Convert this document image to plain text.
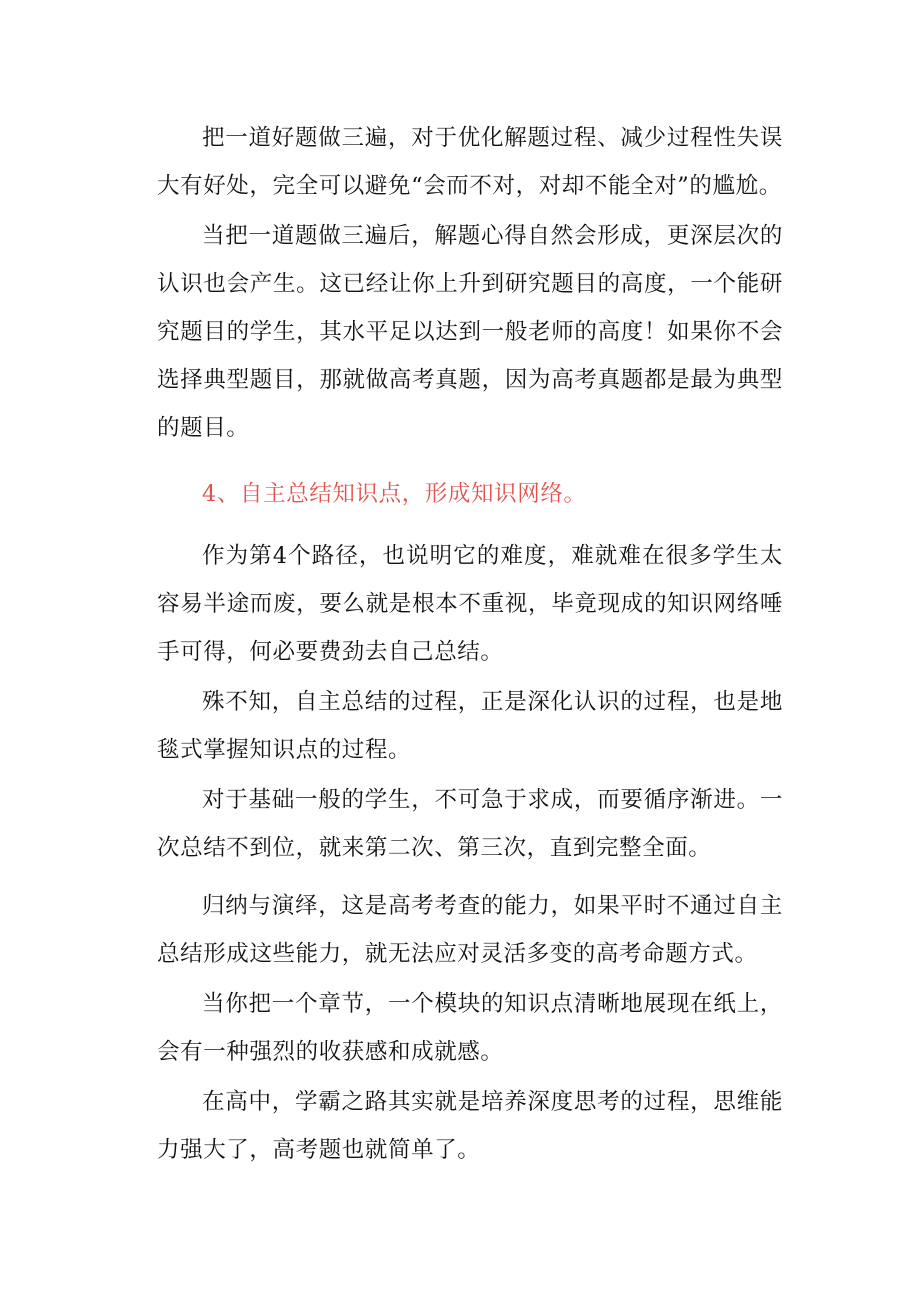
把一道好题做三遍，对于优化解题过程、减少过程性失误大有好处，完全可以避免“会而不对，对却不能全对”的尴尬。

当把一道题做三遍后，解题心得自然会形成，更深层次的认识也会产生。这已经让你上升到研究题目的高度，一个能研究题目的学生，其水平足以达到一般老师的高度！如果你不会选择典型题目，那就做高考真题，因为高考真题都是最为典型的题目。

4、自主总结知识点，形成知识网络。

作为第4个路径，也说明它的难度，难就难在很多学生太容易半途而废，要么就是根本不重视，毕竟现成的知识网络唾手可得，何必要费劲去自己总结。

殊不知，自主总结的过程，正是深化认识的过程，也是地毯式掌握知识点的过程。

对于基础一般的学生，不可急于求成，而要循序渐进。一次总结不到位，就来第二次、第三次，直到完整全面。

归纳与演绎，这是高考考查的能力，如果平时不通过自主总结形成这些能力，就无法应对灵活多变的高考命题方式。

当你把一个章节，一个模块的知识点清晰地展现在纸上，会有一种强烈的收获感和成就感。

在高中，学霸之路其实就是培养深度思考的过程，思维能力强大了，高考题也就简单了。
